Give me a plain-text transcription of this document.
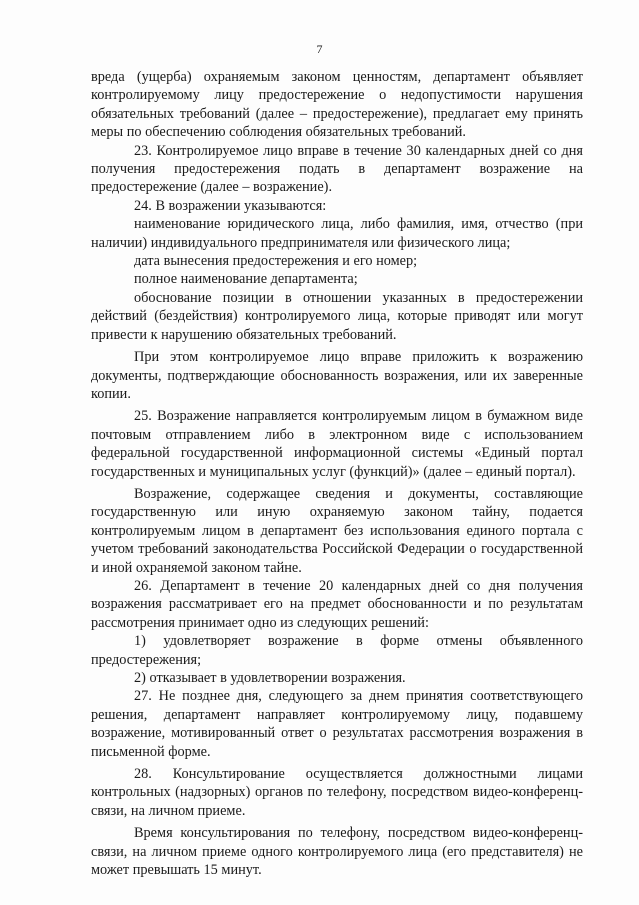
7

вреда (ущерба) охраняемым законом ценностям, департамент объявляет контролируемому лицу предостережение о недопустимости нарушения обязательных требований (далее – предостережение), предлагает ему принять меры по обеспечению соблюдения обязательных требований.

23. Контролируемое лицо вправе в течение 30 календарных дней со дня получения предостережения подать в департамент возражение на предостережение (далее – возражение).

24. В возражении указываются:

наименование юридического лица, либо фамилия, имя, отчество (при наличии) индивидуального предпринимателя или физического лица;

дата вынесения предостережения и его номер;

полное наименование департамента;

обоснование позиции в отношении указанных в предостережении действий (бездействия) контролируемого лица, которые приводят или могут привести к нарушению обязательных требований.

При этом контролируемое лицо вправе приложить к возражению документы, подтверждающие обоснованность возражения, или их заверенные копии.

25. Возражение направляется контролируемым лицом в бумажном виде почтовым отправлением либо в электронном виде с использованием федеральной государственной информационной системы «Единый портал государственных и муниципальных услуг (функций)» (далее – единый портал).

Возражение, содержащее сведения и документы, составляющие государственную или иную охраняемую законом тайну, подается контролируемым лицом в департамент без использования единого портала с учетом требований законодательства Российской Федерации о государственной и иной охраняемой законом тайне.

26. Департамент в течение 20 календарных дней со дня получения возражения рассматривает его на предмет обоснованности и по результатам рассмотрения принимает одно из следующих решений:

1) удовлетворяет возражение в форме отмены объявленного предостережения;

2) отказывает в удовлетворении возражения.

27. Не позднее дня, следующего за днем принятия соответствующего решения, департамент направляет контролируемому лицу, подавшему возражение, мотивированный ответ о результатах рассмотрения возражения в письменной форме.

28. Консультирование осуществляется должностными лицами контрольных (надзорных) органов по телефону, посредством видео-конференц-связи, на личном приеме.

Время консультирования по телефону, посредством видео-конференц-связи, на личном приеме одного контролируемого лица (его представителя) не может превышать 15 минут.
